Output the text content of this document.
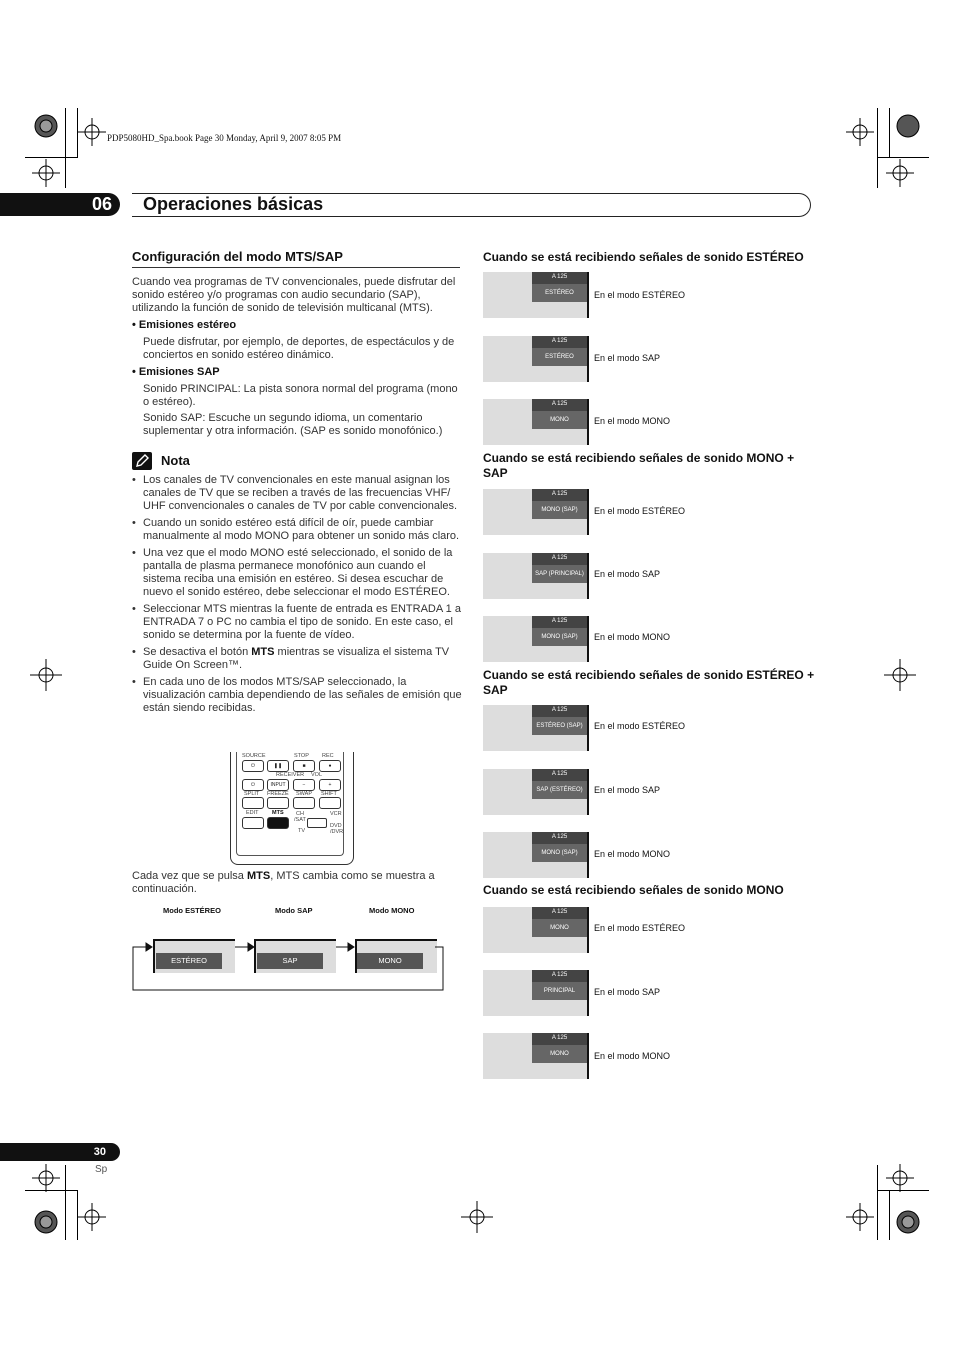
PDP5080HD_Spa.book Page 30 Monday, April 9, 2007 8:05 PM
06	Operaciones básicas
Configuración del modo MTS/SAP
Cuando vea programas de TV convencionales, puede disfrutar del sonido estéreo y/o programas con audio secundario (SAP), utilizando la función de sonido de televisión multicanal (MTS).
• Emisiones estéreo
Puede disfrutar, por ejemplo, de deportes, de espectáculos y de conciertos en sonido estéreo dinámico.
• Emisiones SAP
Sonido PRINCIPAL: La pista sonora normal del programa (mono o estéreo).
Sonido SAP: Escuche un segundo idioma, un comentario suplementar y otra información. (SAP es sonido monofónico.)
Nota
• Los canales de TV convencionales en este manual asignan los canales de TV que se reciben a través de las frecuencias VHF/ UHF convencionales o canales de TV por cable convencionales.
• Cuando un sonido estéreo está difícil de oír, puede cambiar manualmente al modo MONO para obtener un sonido más claro.
• Una vez que el modo MONO esté seleccionado, el sonido de la pantalla de plasma permanece monofónico aun cuando el sistema reciba una emisión en estéreo. Si desea escuchar de nuevo el sonido estéreo, debe seleccionar el modo ESTÉREO.
• Seleccionar MTS mientras la fuente de entrada es ENTRADA 1 a ENTRADA 7 o PC no cambia el tipo de sonido. En este caso, el sonido se determina por la fuente de vídeo.
• Se desactiva el botón MTS mientras se visualiza el sistema TV Guide On Screen™.
• En cada uno de los modos MTS/SAP seleccionado, la visualización cambia dependiendo de las señales de emisión que están siendo recibidas.
SOURCE	STOP REC
⏻	❚❚	■	●
RECEIVER VOL
⏻	INPUT	−	+
SPLIT FREEZE SWAP SHIFT
EDIT MTS CH
/SAT
VCR
TV
DVD
/DVR
Cada vez que se pulsa MTS, MTS cambia como se muestra a continuación.
Modo ESTÉREO	Modo SAP	Modo MONO
ESTÉREO	SAP	MONO
Cuando se está recibiendo señales de sonido ESTÉREO
A 125
ESTÉREO	En el modo ESTÉREO
A 125
ESTÉREO	En el modo SAP
A 125
MONO	En el modo MONO
Cuando se está recibiendo señales de sonido MONO + SAP
A 125
MONO (SAP)	En el modo ESTÉREO
A 125
SAP (PRINCIPAL)	En el modo SAP
A 125
MONO (SAP)	En el modo MONO
Cuando se está recibiendo señales de sonido ESTÉREO + SAP
A 125
ESTÉREO (SAP)	En el modo ESTÉREO
A 125
SAP (ESTÉREO)	En el modo SAP
A 125
MONO (SAP)	En el modo MONO
Cuando se está recibiendo señales de sonido MONO
A 125
MONO	En el modo ESTÉREO
A 125
PRINCIPAL	En el modo SAP
A 125
MONO	En el modo MONO
30
Sp
